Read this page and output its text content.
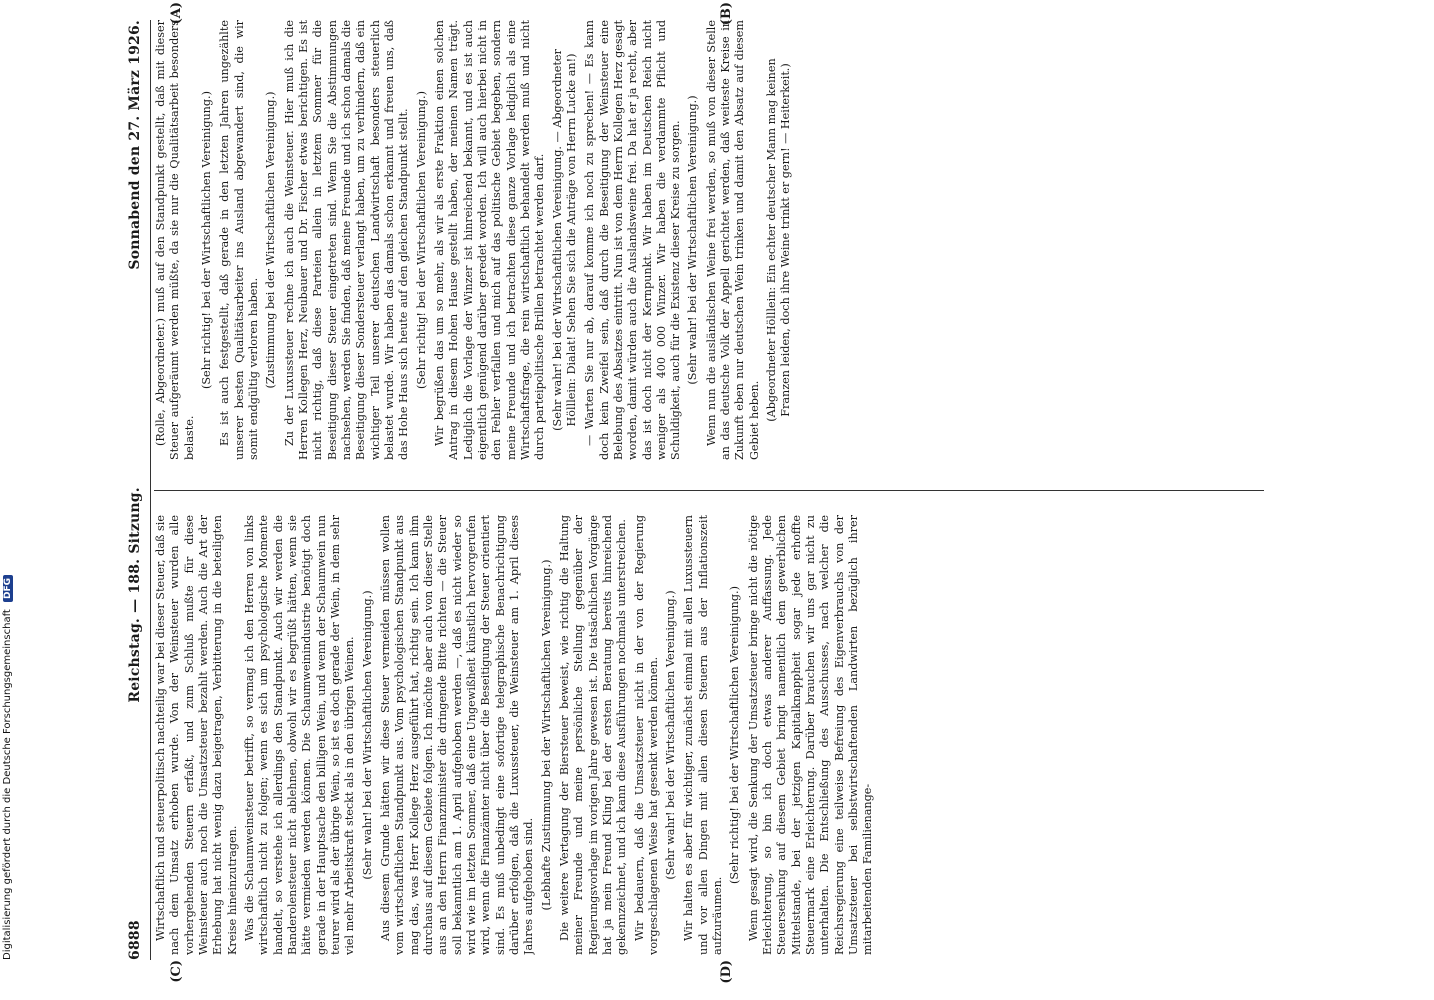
6888
Reichstag. — 188. Sitzung.
Sonnabend den 27. März 1926. (Rolle, Abgeordneter.) muß auf den Standpunkt gestellt, daß mit dieser Steuer aufgeräumt werden müßte, da sie nur die Qualitätsarbeit besonders belaste.

(Sehr richtig! bei der Wirtschaftlichen Vereinigung.) Es ist auch festgestellt, daß gerade in den letzten Jahren ungezählte unserer besten Qualitätsarbeiter ins Ausland abgewandert sind, die wir somit endgültig verloren haben. (Zustimmung bei der Wirtschaftlichen Vereinigung.) Zu der Luxussteuer rechne ich auch die Weinsteuer. Hier muß ich die Herren Kollegen Herz, Neubauer und Dr. Fischer etwas berichtigen. Es ist nicht richtig, daß diese Parteien allein in letztem Sommer für die Beseitigung dieser Steuer eingetreten sind. Wenn Sie die Abstimmungen nachsehen, werden Sie finden, daß meine Freunde und ich schon damals die Beseitigung dieser Sondersteuer verlangt haben, um zu verhindern, daß ein wichtiger Teil unserer deutschen Landwirtschaft besonders steuerlich belastet wurde. Wir haben das damals schon erkannt und freuen uns, daß das Hohe Haus sich heute auf den gleichen Standpunkt stellt. (Sehr richtig! bei der Wirtschaftlichen Vereinigung.) Wir begrüßen das um so mehr, als wir als erste Fraktion einen solchen Antrag in diesem Hohen Hause gestellt haben, der meinen Namen trägt. Lediglich die Vorlage der Winzer ist hinreichend bekannt, und es ist auch eigentlich genügend darüber geredet worden. Ich will auch hierbei nicht in den Fehler verfallen und mich auf das politische Gebiet begeben, sondern meine Freunde und ich betrachten diese ganze Vorlage lediglich als eine Wirtschaftsfrage, die rein wirtschaftlich behandelt werden muß und nicht durch parteipolitische Brillen betrachtet werden darf. (Sehr wahr! bei der Wirtschaftlichen Vereinigung. — Abgeordneter Hölllein: Dialat! Sehen Sie sich die Anträge von Herrn Lucke an!) — Warten Sie nur ab, darauf komme ich noch zu sprechen! — Es kann doch kein Zweifel sein, daß durch die Beseitigung der Weinsteuer eine Belebung des Absatzes eintritt. Nun ist von dem Herrn Kollegen Herz gesagt worden, damit würden auch die Auslandsweine frei. Da hat er ja recht, aber das ist doch nicht der Kernpunkt. Wir haben im Deutschen Reich nicht weniger als 400 000 Winzer. Wir haben die verdammte Pflicht und Schuldigkeit, auch für die Existenz dieser Kreise zu sorgen. (Sehr wahr! bei der Wirtschaftlichen Vereinigung.) Wenn nun die ausländischen Weine frei werden, so muß von dieser Stelle an das deutsche Volk der Appell gerichtet werden, daß weiteste Kreise in Zukunft eben nur deutschen Wein trinken und damit den Absatz auf diesem Gebiet heben. (Abgeordneter Hölllein: Ein echter deutscher Mann mag keinen Franzen leiden, doch ihre Weine trinkt er gern! — Heiterkeit.)

Wirtschaftlich und steuerpolitisch nachteilig war bei dieser Steuer, daß sie nach dem Umsatz erhoben wurde. Von der Weinsteuer wurden alle vorhergehenden Steuern erfaßt, und zum Schluß mußte für diese Weinsteuer auch noch die Umsatzsteuer bezahlt werden. Auch die Art der Erhebung hat nicht wenig dazu beigetragen, Verbitterung in die beteiligten Kreise hineinzutragen. Was die Schaumweinsteuer betrifft, so vermag ich den Herren von links wirtschaftlich nicht zu folgen; wenn es sich um psychologische Momente handelt, so verstehe ich allerdings den Standpunkt. Auch wir werden die Banderolensteuer nicht ablehnen, obwohl wir es begrüßt hätten, wenn sie hätte vermieden werden können. Die Schaumweinindustrie benötigt doch gerade in der Hauptsache den billigen Wein, und wenn der Schaumwein nun teurer wird als der übrige Wein, so ist es doch gerade der Wein, in dem sehr viel mehr Arbeitskraft steckt als in den übrigen Weinen. (Sehr wahr! bei der Wirtschaftlichen Vereinigung.) Aus diesem Grunde hätten wir diese Steuer vermeiden müssen wollen vom wirtschaftlichen Standpunkt aus. Vom psychologischen Standpunkt aus mag das, was Herr Kollege Herz ausgeführt hat, richtig sein. Ich kann ihm durchaus auf diesem Gebiete folgen. Ich möchte aber auch von dieser Stelle aus an den Herrn Finanzminister die dringende Bitte richten — die Steuer soll bekanntlich am 1. April aufgehoben werden —, daß es nicht wieder so wird wie im letzten Sommer, daß eine Ungewißheit künstlich hervorgerufen wird, wenn die Finanzämter nicht über die Beseitigung der Steuer orientiert sind. Es muß unbedingt eine sofortige telegraphische Benachrichtigung darüber erfolgen, daß die Luxussteuer, die Weinsteuer am 1. April dieses Jahres aufgehoben sind. (Lebhafte Zustimmung bei der Wirtschaftlichen Vereinigung.) Die weitere Vertagung der Biersteuer beweist, wie richtig die Haltung meiner Freunde und meine persönliche Stellung gegenüber der Regierungsvorlage im vorigen Jahre gewesen ist. Die tatsächlichen Vorgänge hat ja mein Freund Kling bei der ersten Beratung bereits hinreichend gekennzeichnet, und ich kann diese Ausführungen nochmals unterstreichen. Wir bedauern, daß die Umsatzsteuer nicht in der von der Regierung vorgeschlagenen Weise hat gesenkt werden können. (Sehr wahr! bei der Wirtschaftlichen Vereinigung.) Wir halten es aber für wichtiger, zunächst einmal mit allen Luxussteuern und vor allen Dingen mit allen diesen Steuern aus der Inflationszeit aufzuräumen.

(Sehr richtig! bei der Wirtschaftlichen Vereinigung.) Wenn gesagt wird, die Senkung der Umsatzsteuer bringe nicht die nötige Erleichterung, so bin ich doch etwas anderer Auffassung. Jede Steuersenkung auf diesem Gebiet bringt namentlich dem gewerblichen Mittelstande, bei der jetzigen Kapitalknappheit sogar jede erhoffte Steuermark eine Erleichterung. Darüber brauchen wir uns gar nicht zu unterhalten. Die Entschließung des Ausschusses, nach welcher die Reichsregierung eine teilweise Befreiung des Eigenverbrauchs von der Umsatzsteuer bei selbstwirtschaftenden Landwirten bezüglich ihrer mitarbeitenden Familienange-

(A)	(B)
(C)	(D)
Digitalisierung gefördert durch die Deutsche Forschungsgemeinschaft DFG
